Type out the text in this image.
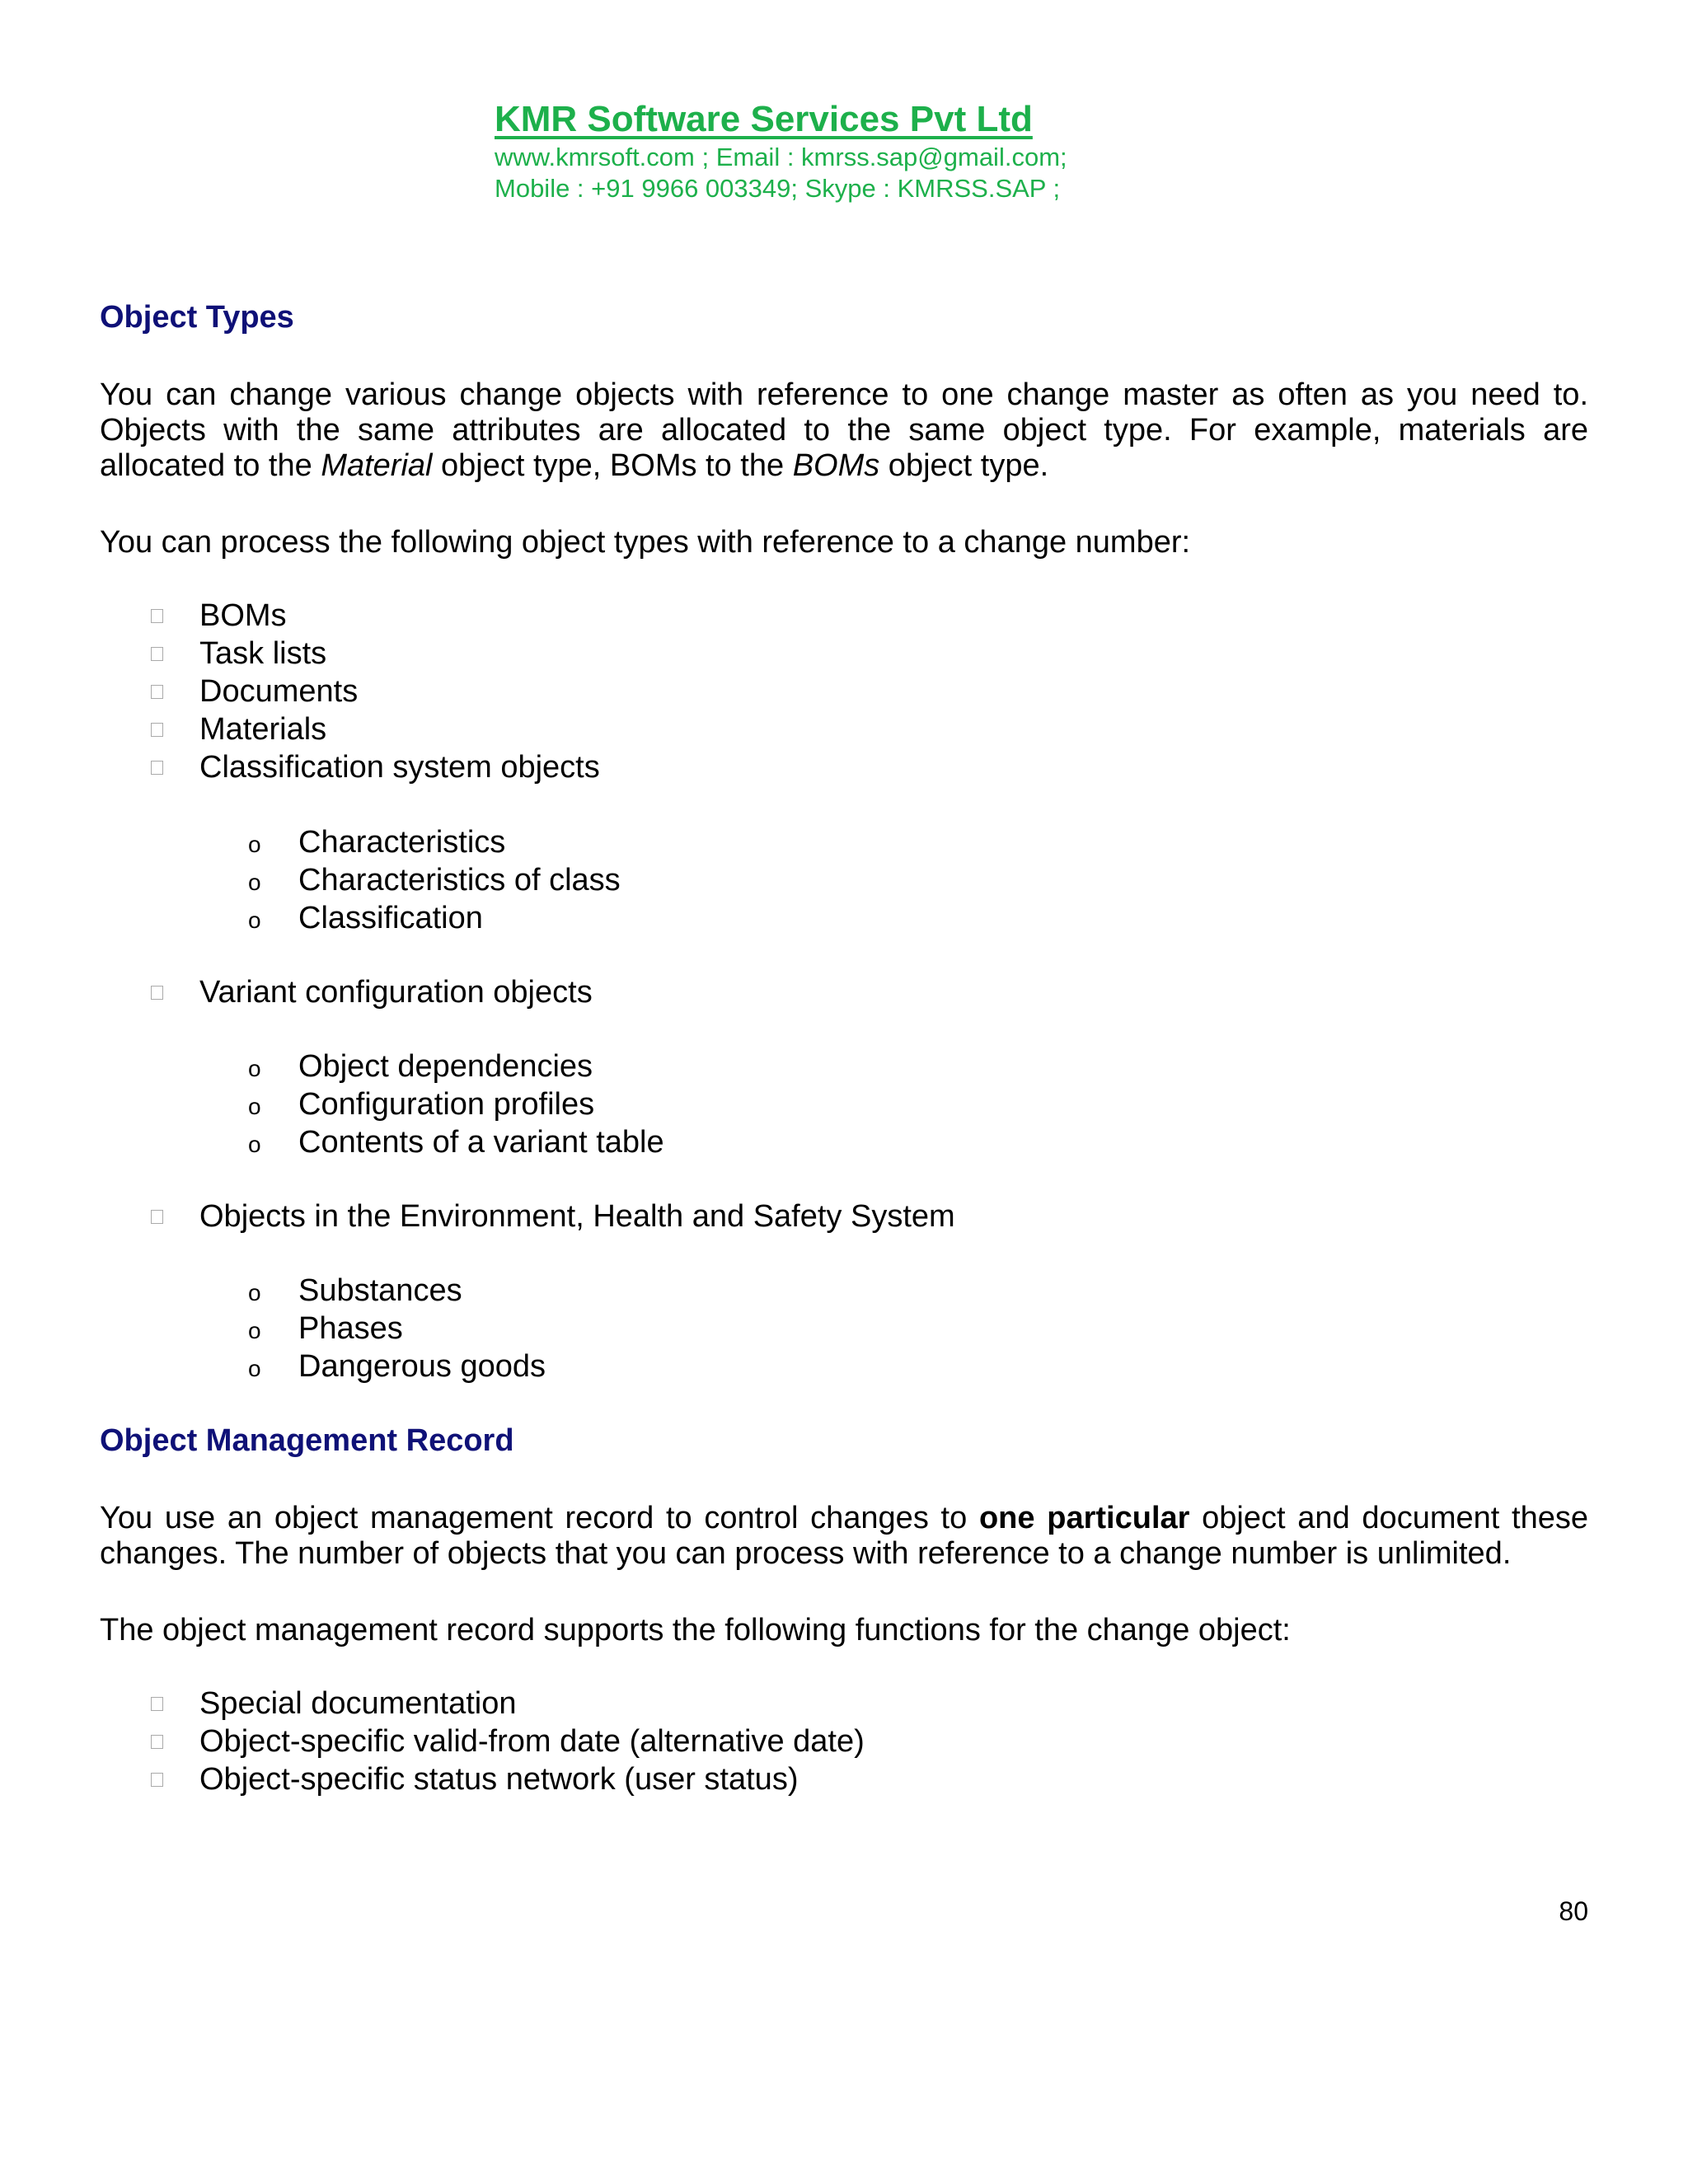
KMR Software Services Pvt Ltd
www.kmrsoft.com ; Email : kmrss.sap@gmail.com;
Mobile : +91 9966 003349; Skype : KMRSS.SAP ;
Object Types

You can change various change objects with reference to one change master as often as you need to. Objects with the same attributes are allocated to the same object type. For example, materials are allocated to the Material object type, BOMs to the BOMs object type.

You can process the following object types with reference to a change number:

BOMs
Task lists
Documents
Materials
Classification system objects
o Characteristics
o Characteristics of class
o Classification
Variant configuration objects
o Object dependencies
o Configuration profiles
o Contents of a variant table
Objects in the Environment, Health and Safety System
o Substances
o Phases
o Dangerous goods
Object Management Record

You use an object management record to control changes to one particular object and document these changes. The number of objects that you can process with reference to a change number is unlimited.

The object management record supports the following functions for the change object:

Special documentation
Object-specific valid-from date (alternative date)
Object-specific status network (user status)
80
